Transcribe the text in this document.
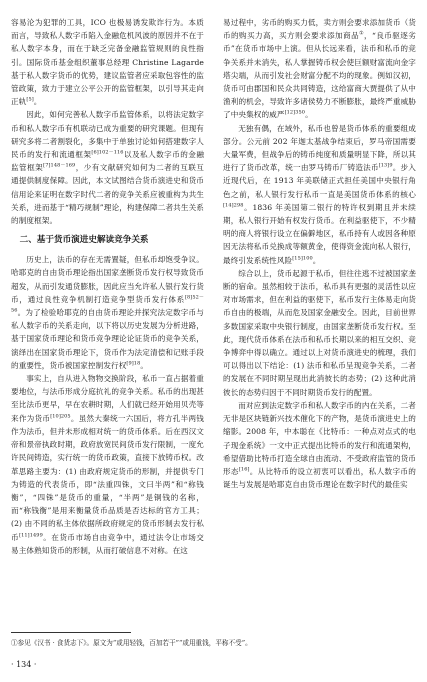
容易沦为犯罪的工具，ICO 也极易诱发欺诈行为。本质而言，导致私人数字币陷入金融危机风波的原因并不在于私人数字本身，而在于缺乏完备金融监管规则的良性指引。国际货币基金组织董事总经理 Christine Lagarde 基于私人数字货币的优势，建议监管者应采取包容性的监管政策，致力于建立公平公开的监管框架，以引导其走向正轨[5]。

因此，如何完善私人数字币监管体系，以将法定数字币和私人数字币有机联动已成为重要的研究课题。但现有研究多将二者割裂化，多集中于单独讨论如何搭建数字人民币的发行和流通框架$^{[6]102-116}$以及私人数字币的金融监管框架$^{[7]148-169}$，少有文献研究如何为二者的互联互通提供制度保障。因此，本文试图结合货币演进史和货币信用论来证明在数字时代二者的竞争关系应被重构为共生关系，进而基于“精巧规制”理论，构建保障二者共生关系的制度框架。

二、基于货币演进史解读竞争关系

历史上，法币的存在无需置疑，但私币却饱受争议。哈耶克的自由货币理论指出国家垄断货币发行权导致货币超发，从而引发通货膨胀，因此应当允许私人银行发行货币，通过良性竞争机制打造竞争型货币发行体系$^{[8]52-56}$。为了检验哈耶克的自由货币理论并探究法定数字币与私人数字币的关系走向，以下将以历史发展为分析进路，基于国家货币理论和货币竞争理论论证货币的竞争关系，演绎出在国家货币理论下，货币作为法定清偿和记账手段的重要性，货币被国家控制发行权$^{[9]18}$。

事实上，自从进入物物交换阶段，私币一直占据着重要地位，与法币形成分庭抗礼的竞争关系。私币的出现甚至比法币更早，早在农耕时期，人们就已经开始用贝壳等来作为货币$^{[10]205}$。虽然大秦统一六国后，将方孔半两钱作为法币，但并未形成相对统一的货币体系。后在西汉文帝和景帝执政时期，政府放宽民间货币发行限制，一度允许民间铸造，实行统一的货币政策，直接下放铸币权。改革思路主要为：(1) 由政府规定货币的形制，并提供专门为铸造的代表货币，即“法重四铢，文曰半两”和“称钱衡”，“四铢”是货币的重量，“半两”是铜钱的名称，而“称钱衡”是用来衡量货币品质是否达标的官方工具；(2) 由不同的私主体依据所政府规定的货币形制去发行私币$^{[11]1499}$。在货币市场自由竞争中，通过法令让市场交易主体熟知货币的形制，从而打破信息不对称。在这

易过程中，劣币的购买力低，卖方则会要求添加货币（货币的购买力高，买方则会要求添加商品①，“良币驱逐劣币”在货币市场中上演。但从长远来看，法币和私币的竞争关系并未消失，私人掌握铸币权会使巨额财富流向金字塔尖端，从而引发社会财富分配不均的现象。例如汉初，货币可由郡国和民众共同铸造，这给富商大贾提供了从中渔利的机会，导致许多诸侯势力不断膨胀，最终严重威胁了中央集权的威严$^{[12]350}$。

无独有偶，在域外，私币也曾是货币体系的重要组成部分。公元前 202 年迦太基战争结束后，罗马帝国需要大量军费，但战争后的铸币纯度和质量明显下降，所以其进行了货币改革，统一由罗马铸币厂铸造法币$^{[13]9}$。步入近现代后，在 1913 年美联储正式担任美国中央银行角色之前，私人银行发行私币一直是美国货币体系的核心$^{[14]298}$。1836 年美国第二银行的特许权到期且并未续期，私人银行开始有权发行货币。在利益驱使下，不少精明的商人将银行设立在偏僻地区，私币持有人或因各种原因无法将私币兑换成等额黄金，使得资金流向私人银行，最终引发系统性风险$^{[15]100}$。

综合以上，货币起源于私币，但往往逃不过被国家垄断的宿命。虽然相较于法币，私币具有更强的灵活性以应对市场需求，但在利益的驱使下，私币发行主体易走向货币自由的极端，从而危及国家金融安全。因此，目前世界多数国家采取中央银行制度，由国家垄断货币发行权。至此，现代货币体系在法币和私币长期以来的相互交织、竞争博弈中得以确立。通过以上对货币演进史的梳理，我们可以得出以下结论：(1) 法币和私币呈现竞争关系，二者的发展在不同时期呈现出此消彼长的态势；(2) 这种此消彼长的态势归因于不同时期货币发行的配置。

而对应到法定数字币和私人数字币的内在关系，二者无非是区块链新兴技术催化下的产物，是货币演进史上的缩影。2008 年，中本聪在《比特币：一种点对点式的电子现金系统》一文中正式提出比特币的发行和流通架构，希望借助比特币打造全球自由流动、不受政府监管的货币形态[16]。从比特币的设立初衷可以看出，私人数字币的诞生与发展是哈耶克自由货币理论在数字时代的最佳实

①参见《汉书 · 食货志下》。原文为“或用轻钱，百加若干”“或用重钱，平称不受”。
· 134 ·
